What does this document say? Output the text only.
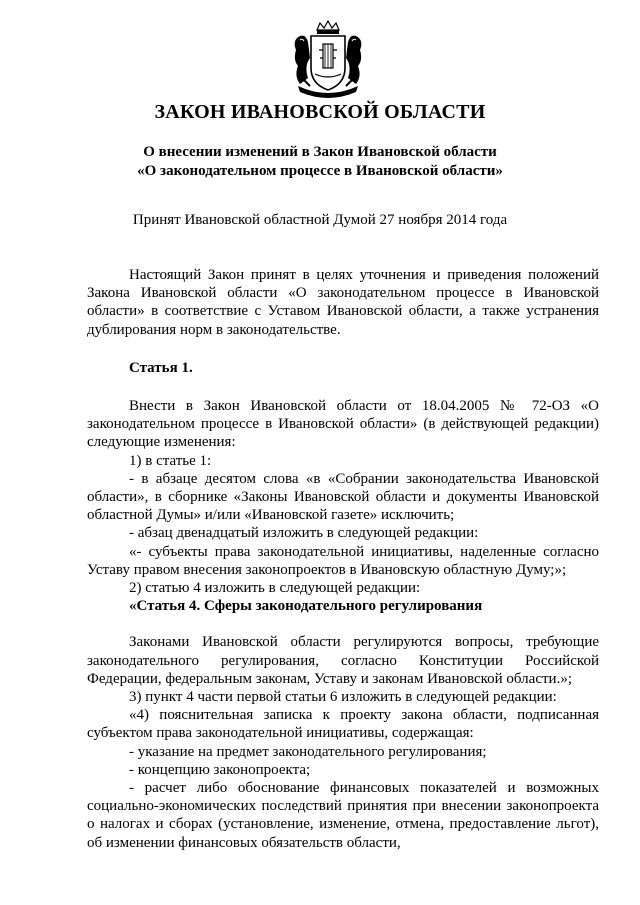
ЗАКОН ИВАНОВСКОЙ ОБЛАСТИ
О внесении изменений в Закон Ивановской области
«О законодательном процессе в Ивановской области»
Принят Ивановской областной Думой 27 ноября 2014 года

Настоящий Закон принят в целях уточнения и приведения положений Закона Ивановской области «О законодательном процессе в Ивановской области» в соответствие с Уставом Ивановской области, а также устранения дублирования норм в законодательстве.

Статья 1.

Внести в Закон Ивановской области от 18.04.2005 № 72-ОЗ «О законодательном процессе в Ивановской области» (в действующей редакции) следующие изменения:

1) в статье 1:

- в абзаце десятом слова «в «Собрании законодательства Ивановской области», в сборнике «Законы Ивановской области и документы Ивановской областной Думы» и/или «Ивановской газете» исключить;

- абзац двенадцатый изложить в следующей редакции:

«- субъекты права законодательной инициативы, наделенные согласно Уставу правом внесения законопроектов в Ивановскую областную Думу;»;

2) статью 4 изложить в следующей редакции:

«Статья 4. Сферы законодательного регулирования

Законами Ивановской области регулируются вопросы, требующие законодательного регулирования, согласно Конституции Российской Федерации, федеральным законам, Уставу и законам Ивановской области.»;

3) пункт 4 части первой статьи 6 изложить в следующей редакции:

«4) пояснительная записка к проекту закона области, подписанная субъектом права законодательной инициативы, содержащая:

- указание на предмет законодательного регулирования;

- концепцию законопроекта;

- расчет либо обоснование финансовых показателей и возможных социально-экономических последствий принятия при внесении законопроекта о налогах и сборах (установление, изменение, отмена, предоставление льгот), об изменении финансовых обязательств области,
